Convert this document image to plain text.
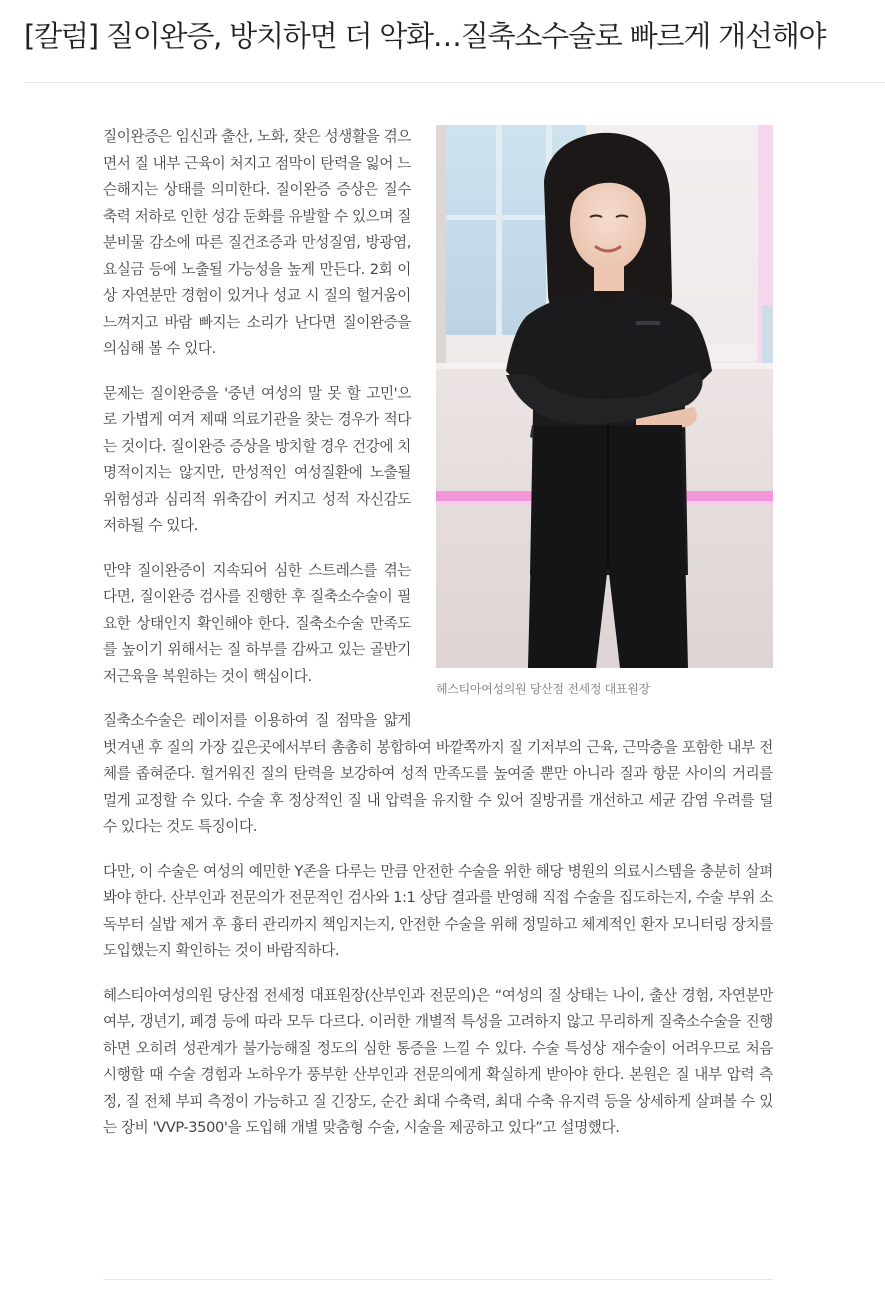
[칼럼] 질이완증, 방치하면 더 악화…질축소수술로 빠르게 개선해야
헤스티아여성의원 당산점 전세정 대표원장

질이완증은 임신과 출산, 노화, 잦은 성생활을 겪으면서 질 내부 근육이 처지고 점막이 탄력을 잃어 느슨해지는 상태를 의미한다. 질이완증 증상은 질수축력 저하로 인한 성감 둔화를 유발할 수 있으며 질분비물 감소에 따른 질건조증과 만성질염, 방광염, 요실금 등에 노출될 가능성을 높게 만든다. 2회 이상 자연분만 경험이 있거나 성교 시 질의 헐거움이 느껴지고 바람 빠지는 소리가 난다면 질이완증을 의심해 볼 수 있다.

문제는 질이완증을 '중년 여성의 말 못 할 고민'으로 가볍게 여겨 제때 의료기관을 찾는 경우가 적다는 것이다. 질이완증 증상을 방치할 경우 건강에 치명적이지는 않지만, 만성적인 여성질환에 노출될 위험성과 심리적 위축감이 커지고 성적 자신감도 저하될 수 있다.

만약 질이완증이 지속되어 심한 스트레스를 겪는다면, 질이완증 검사를 진행한 후 질축소수술이 필요한 상태인지 확인해야 한다. 질축소수술 만족도를 높이기 위해서는 질 하부를 감싸고 있는 골반기저근육을 복원하는 것이 핵심이다.

질축소수술은 레이저를 이용하여 질 점막을 얇게 벗겨낸 후 질의 가장 깊은곳에서부터 촘촘히 봉합하여 바깥쪽까지 질 기저부의 근육, 근막층을 포함한 내부 전체를 좁혀준다. 헐거워진 질의 탄력을 보강하여 성적 만족도를 높여줄 뿐만 아니라 질과 항문 사이의 거리를 멀게 교정할 수 있다. 수술 후 정상적인 질 내 압력을 유지할 수 있어 질방귀를 개선하고 세균 감염 우려를 덜 수 있다는 것도 특징이다.

다만, 이 수술은 여성의 예민한 Y존을 다루는 만큼 안전한 수술을 위한 해당 병원의 의료시스템을 충분히 살펴봐야 한다. 산부인과 전문의가 전문적인 검사와 1:1 상담 결과를 반영해 직접 수술을 집도하는지, 수술 부위 소독부터 실밥 제거 후 흉터 관리까지 책임지는지, 안전한 수술을 위해 정밀하고 체계적인 환자 모니터링 장치를 도입했는지 확인하는 것이 바람직하다.

헤스티아여성의원 당산점 전세정 대표원장(산부인과 전문의)은 “여성의 질 상태는 나이, 출산 경험, 자연분만 여부, 갱년기, 폐경 등에 따라 모두 다르다. 이러한 개별적 특성을 고려하지 않고 무리하게 질축소수술을 진행하면 오히려 성관계가 불가능해질 정도의 심한 통증을 느낄 수 있다. 수술 특성상 재수술이 어려우므로 처음 시행할 때 수술 경험과 노하우가 풍부한 산부인과 전문의에게 확실하게 받아야 한다. 본원은 질 내부 압력 측정, 질 전체 부피 측정이 가능하고 질 긴장도, 순간 최대 수축력, 최대 수축 유지력 등을 상세하게 살펴볼 수 있는 장비 'VVP-3500'을 도입해 개별 맞춤형 수술, 시술을 제공하고 있다”고 설명했다.
